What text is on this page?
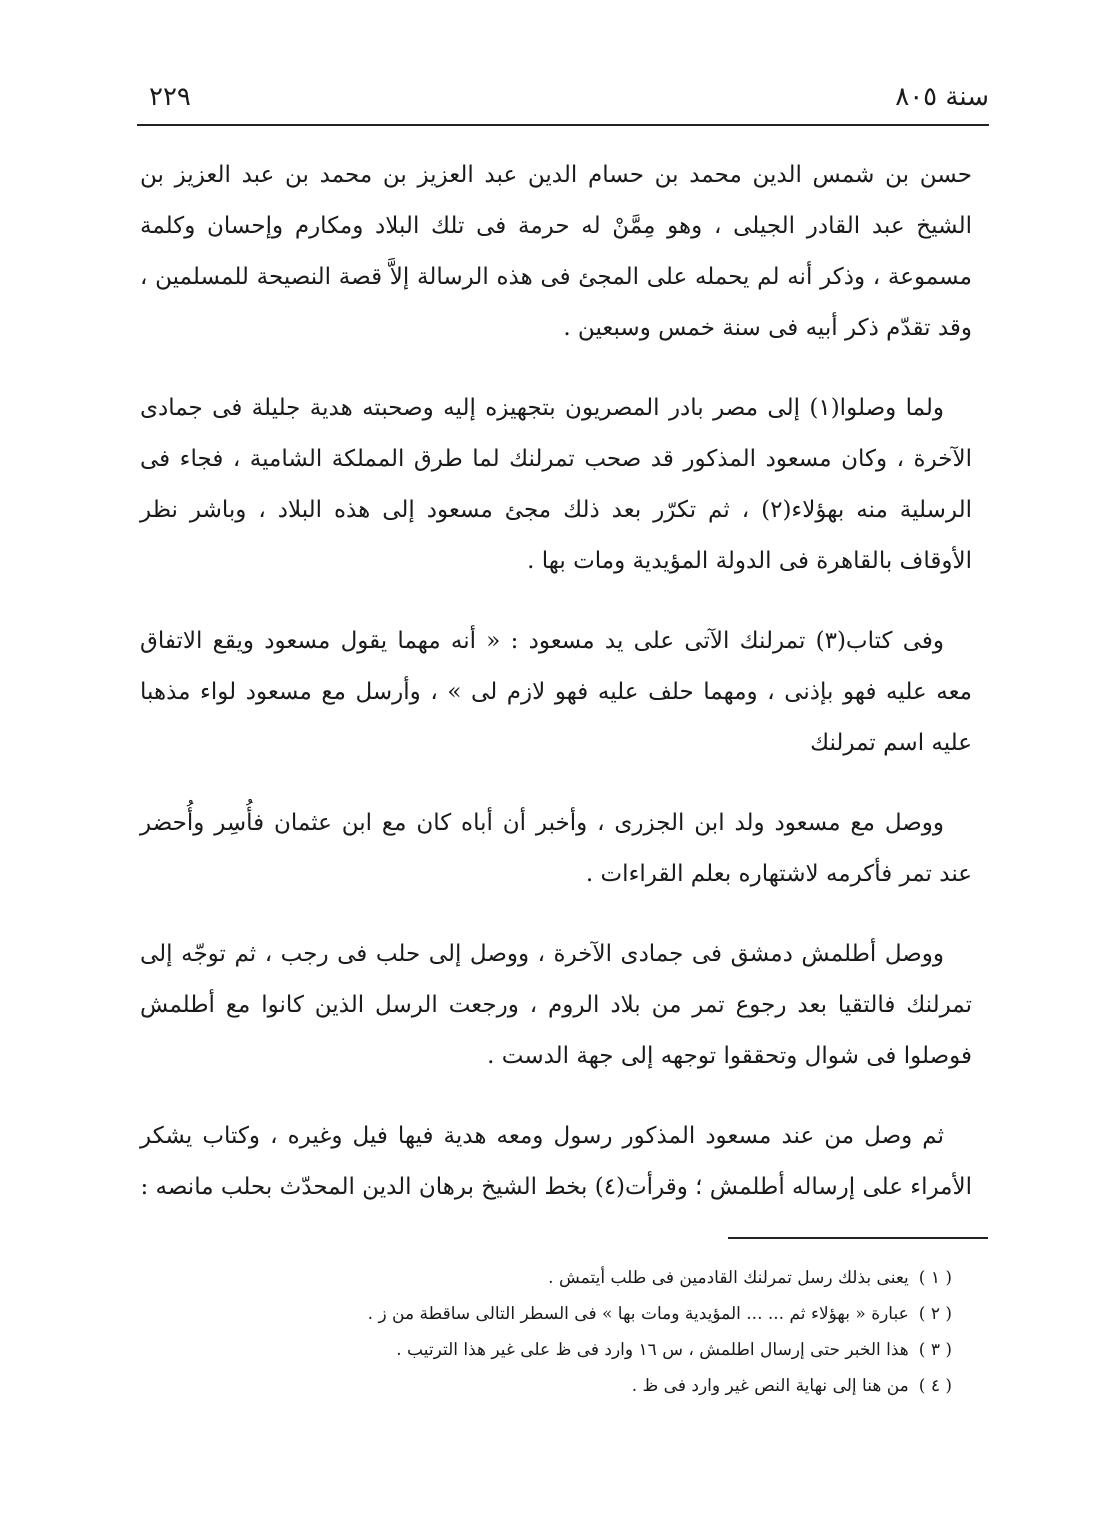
سنة ٨٠٥
٢٢٩

حسن بن شمس الدين محمد بن حسام الدين عبد العزيز بن محمد بن عبد العزيز بن الشيخ عبد القادر الجيلى ، وهو مِمَّنْ له حرمة فى تلك البلاد ومكارم وإحسان وكلمة مسموعة ، وذكر أنه لم يحمله على المجئ فى هذه الرسالة إلاَّ قصة النصيحة للمسلمين ، وقد تقدّم ذكر أبيه فى سنة خمس وسبعين .

ولما وصلوا(١) إلى مصر بادر المصريون بتجهيزه إليه وصحبته هدية جليلة فى جمادى الآخرة ، وكان مسعود المذكور قد صحب تمرلنك لما طرق المملكة الشامية ، فجاء فى الرسلية منه بهؤلاء(٢) ، ثم تكرّر بعد ذلك مجئ مسعود إلى هذه البلاد ، وباشر نظر الأوقاف بالقاهرة فى الدولة المؤيدية ومات بها .

وفى كتاب(٣) تمرلنك الآتى على يد مسعود : « أنه مهما يقول مسعود ويقع الاتفاق معه عليه فهو بإذنى ، ومهما حلف عليه فهو لازم لى » ، وأرسل مع مسعود لواء مذهبا عليه اسم تمرلنك

ووصل مع مسعود ولد ابن الجزرى ، وأخبر أن أباه كان مع ابن عثمان فأُسِر وأُحضر عند تمر فأكرمه لاشتهاره بعلم القراءات .

ووصل أطلمش دمشق فى جمادى الآخرة ، ووصل إلى حلب فى رجب ، ثم توجّه إلى تمرلنك فالتقيا بعد رجوع تمر من بلاد الروم ، ورجعت الرسل الذين كانوا مع أطلمش فوصلوا فى شوال وتحققوا توجهه إلى جهة الدست .

ثم وصل من عند مسعود المذكور رسول ومعه هدية فيها فيل وغيره ، وكتاب يشكر الأمراء على إرساله أطلمش ؛ وقرأت(٤) بخط الشيخ برهان الدين المحدّث بحلب مانصه :

( ١ )يعنى بذلك رسل تمرلنك القادمين فى طلب أيتمش .
( ٢ )عبارة « بهؤلاء ثم ... ... المؤيدية ومات بها » فى السطر التالى ساقطة من ز .
( ٣ )هذا الخبر حتى إرسال اطلمش ، س ١٦ وارد فى ظ على غير هذا الترتيب .
( ٤ )من هنا إلى نهاية النص غير وارد فى ظ .
